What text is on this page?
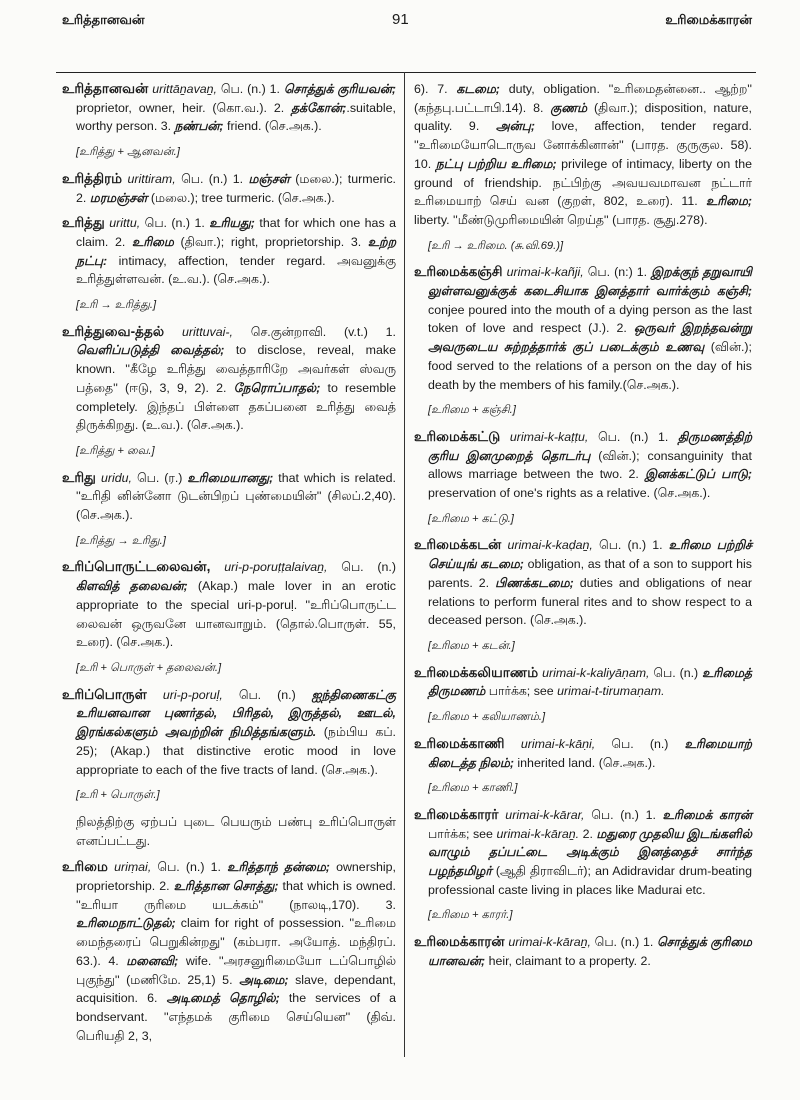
உரித்தானவன்	91	உரிமைக்காரன்

உரித்தானவன் urittāṉavaṉ, பெ. (n.) 1. சொத்துக் குரியவன்; proprietor, owner, heir. (கொ.வ.). 2. தக்கோன்;.suitable, worthy person. 3. நண்பன்; friend. (செ.அக.).

[உரித்து + ஆனவன்.]

உரித்திரம் urittiram, பெ. (n.) 1. மஞ்சள் (மலை.); turmeric. 2. மரமஞ்சள் (மலை.); tree turmeric. (செ.அக.).

உரித்து urittu, பெ. (n.) 1. உரியது; that for which one has a claim. 2. உரிமை (திவா.); right, proprietorship. 3. உற்ற நட்பு: intimacy, affection, tender regard. அவனுக்கு உரித்துள்ளவன். (உ.வ.). (செ.அக.).

[உரி → உரித்து.]

உரித்துவை-த்தல் urittuvai-, செ.குன்றாவி. (v.t.) 1. வெளிப்படுத்தி வைத்தல்; to disclose, reveal, make known. ''கீழே உரித்து வைத்தாரிறே அவர்கள் ஸ்வரு பத்தை'' (ஈடு, 3, 9, 2). 2. நேரொப்பாதல்; to resemble completely. இந்தப் பிள்ளை தகப்பனை உரித்து வைத் திருக்கிறது. (உ.வ.). (செ.அக.).

[உரித்து + வை.]

உரிது uridu, பெ. (ர.) உரிமையானது; that which is related. ''உரிதி னின்னோ டுடன்பிறப் புண்மையின்'' (சிலப்.2,40). (செ.அக.).

[உரித்து → உரிது.]

உரிப்பொருட்டலைவன், uri-p-poruṭṭalaivaṉ, பெ. (n.) கிளவித் தலைவன்; (Akap.) male lover in an erotic appropriate to the special uri-p-poruḷ. ''உரிப்பொருட்ட லைவன் ஒருவனே யானவாறும். (தொல்.பொருள். 55, உரை). (செ.அக.).

[உரி + பொருள் + தலைவன்.]

உரிப்பொருள் uri-p-poruḷ, பெ. (n.) ஐந்திணைகட்கு உரியனவான புணர்தல், பிரிதல், இருத்தல், ஊடல், இரங்கல்களும் அவற்றின் நிமித்தங்களும். (நம்பிய கப். 25); (Akap.) that distinctive erotic mood in love appropriate to each of the five tracts of land. (செ.அக.).

[உரி + பொருள்.]

நிலத்திற்கு ஏற்பப் புடை பெயரும் பண்பு உரிப்பொருள் எனப்பட்டது.

உரிமை uriṃai, பெ. (n.) 1. உரித்தாந் தன்மை; ownership, proprietorship. 2. உரித்தான சொத்து; that which is owned. ''உரியா ருரிமை யடக்கம்'' (நாலடி,170). 3. உரிமைநாட்டுதல்; claim for right of possession. ''உரிமை மைந்தரைப் பெறுகின்றது'' (கம்பரா. அயோத். மந்திரப். 63.). 4. மனைவி; wife. ''அரசனுரிமையோ டப்பொழில் புகுந்து'' (மணிமே. 25,1) 5. அடிமை; slave, dependant, acquisition. 6. அடிமைத் தொழில்; the services of a bondservant. ''எந்தமக் குரிமை செய்யென'' (திவ். பெரியதி 2, 3,

6). 7. கடமை; duty, obligation. ''உரிமைதன்னை.. ஆற்ற'' (கந்தபு.பட்டாபி.14). 8. குணம் (திவா.); disposition, nature, quality. 9. அன்பு; love, affection, tender regard. ''உரிமையோடொருவ னோக்கினான்'' (பாரத. குருகுல. 58). 10. நட்பு பற்றிய உரிமை; privilege of intimacy, liberty on the ground of friendship. நட்பிற்கு அவயவமாவன நட்டார் உரிமையாற் செய் வன (குறள், 802, உரை). 11. உரிமை; liberty. ''மீண்டுமுரிமையின் றெய்த'' (பாரத. சூது.278).

[உரி → உரிமை. (சு.வி.69.)]

உரிமைக்கஞ்சி urimai-k-kañji, பெ. (n:) 1. இறக்குந் தறுவாயி லுள்ளவனுக்குக் கடைசியாக இனத்தார் வார்க்கும் கஞ்சி; conjee poured into the mouth of a dying person as the last token of love and respect (J.). 2. ஒருவர் இறந்தவன்று அவருடைய சுற்றத்தார்க் குப் படைக்கும் உணவு (வின்.); food served to the relations of a person on the day of his death by the members of his family.(செ.அக.).

[உரிமை + கஞ்சி.]

உரிமைக்கட்டு urimai-k-kaṭṭu, பெ. (n.) 1. திருமணத்திற் குரிய இனமுறைத் தொடர்பு (வின்.); consanguinity that allows marriage between the two. 2. இனக்கட்டுப் பாடு; preservation of one's rights as a relative. (செ.அக.).

[உரிமை + கட்டு.]

உரிமைக்கடன் urimai-k-kaḍaṉ, பெ. (n.) 1. உரிமை பற்றிச் செய்யுங் கடமை; obligation, as that of a son to support his parents. 2. பிணக்கடமை; duties and obligations of near relations to perform funeral rites and to show respect to a deceased person. (செ.அக.).

[உரிமை + கடன்.]

உரிமைக்கலியாணம் urimai-k-kaliyāṇam, பெ. (n.) உரிமைத் திருமணம் பார்க்க; see urimai-t-tirumaṇam.

[உரிமை + கலியாணம்.]

உரிமைக்காணி urimai-k-kāṇi, பெ. (n.) உரிமையாற் கிடைத்த நிலம்; inherited land. (செ.அக.).

[உரிமை + காணி.]

உரிமைக்காரர் urimai-k-kārar, பெ. (n.) 1. உரிமைக் காரன் பார்க்க; see urimai-k-kāraṉ. 2. மதுரை முதலிய இடங்களில் வாழும் தப்பட்டை அடிக்கும் இனத்தைச் சார்ந்த பழந்தமிழர் (ஆதி திராவிடர்); an Adidravidar drum-beating professional caste living in places like Madurai etc.

[உரிமை + காரர்.]

உரிமைக்காரன் urimai-k-kāraṉ, பெ. (n.) 1. சொத்துக் குரிமை யானவன்; heir, claimant to a property. 2.
